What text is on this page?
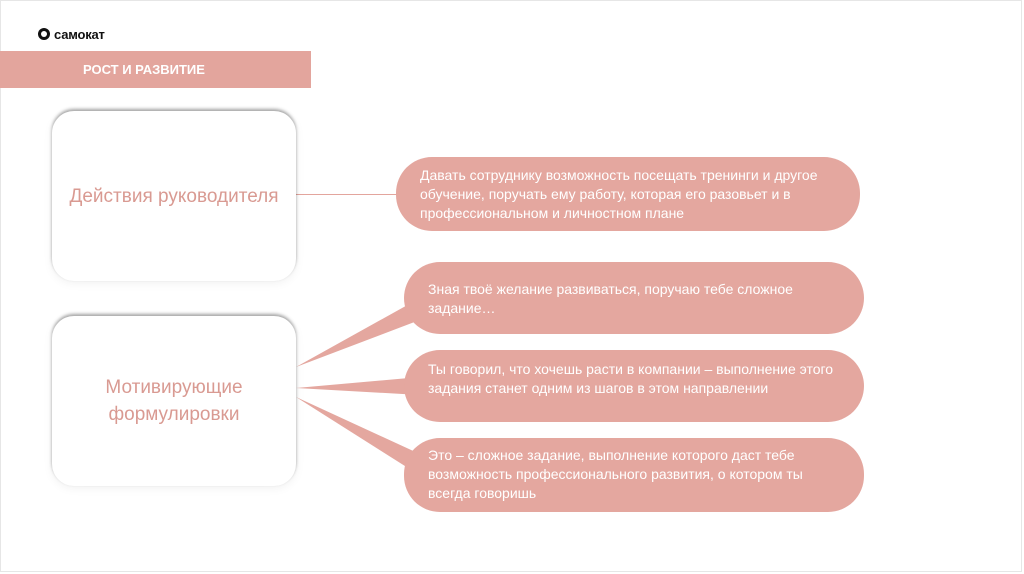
самокат
РОСТ И РАЗВИТИЕ
Действия руководителя
Мотивирующие формулировки
Давать сотруднику возможность посещать тренинги и другое обучение, поручать ему работу, которая его разовьет и в профессиональном и личностном плане
Зная твоё желание развиваться, поручаю тебе сложное задание…
Ты говорил, что хочешь расти в компании – выполнение этого задания станет одним из шагов в этом направлении
Это – сложное задание, выполнение которого даст тебе возможность профессионального развития, о котором ты всегда говоришь
